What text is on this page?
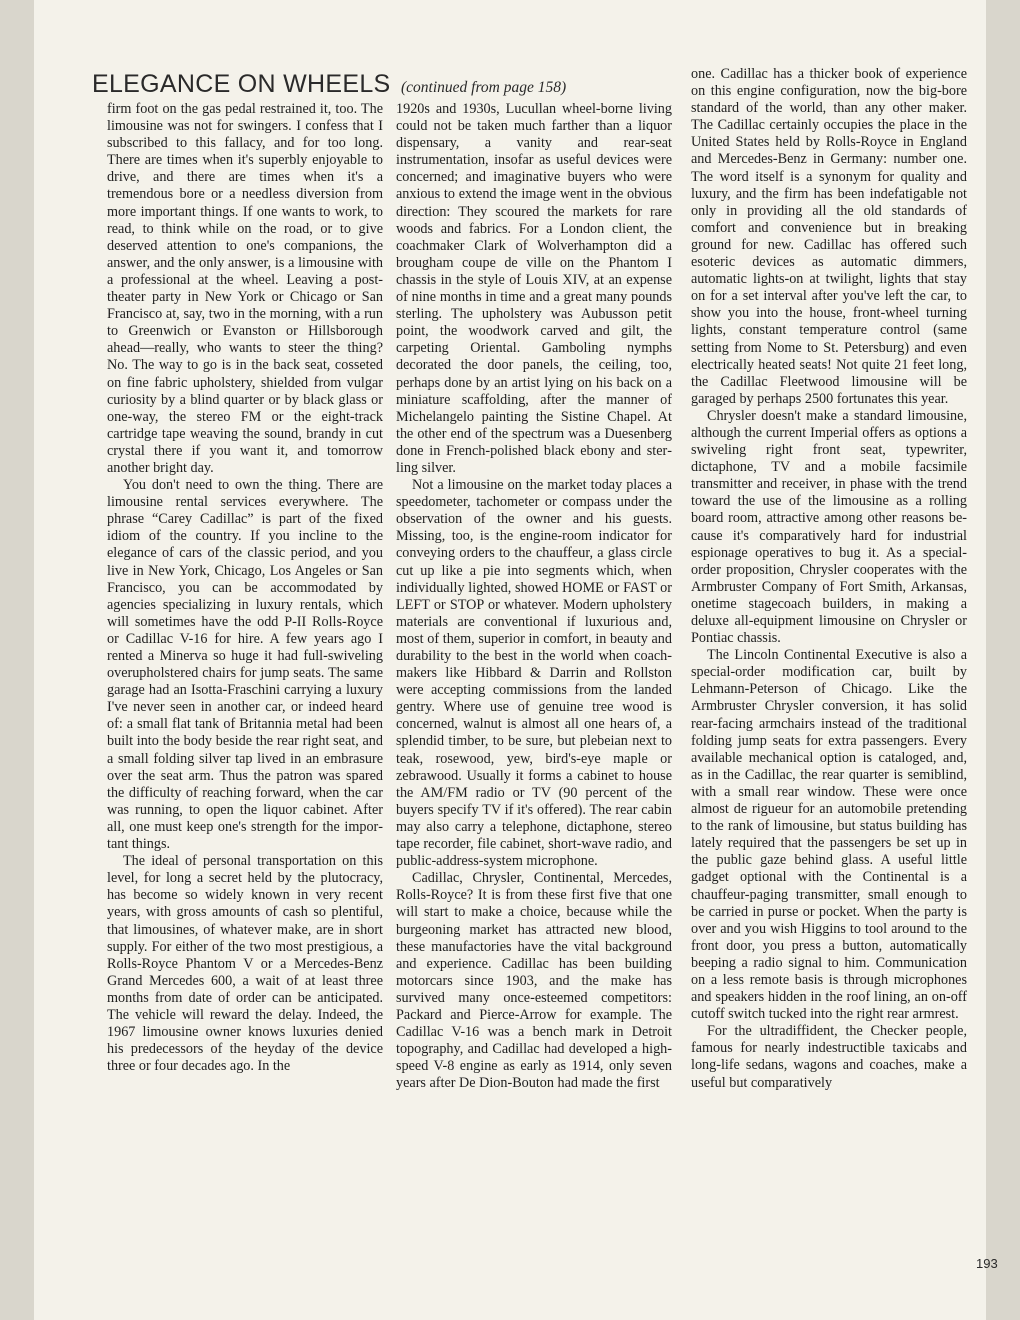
ELEGANCE ON WHEELS (continued from page 158)

firm foot on the gas pedal restrained it, too. The limousine was not for swingers. I confess that I subscribed to this fallacy, and for too long. There are times when it's superbly enjoyable to drive, and there are times when it's a tremendous bore or a needless diversion from more important things. If one wants to work, to read, to think while on the road, or to give deserved attention to one's companions, the answer, and the only answer, is a limousine with a professional at the wheel. Leaving a post-theater party in New York or Chicago or San Francisco at, say, two in the morning, with a run to Greenwich or Evanston or Hillsborough ahead—really, who wants to steer the thing? No. The way to go is in the back seat, cosseted on fine fabric upholstery, shielded from vulgar curiosity by a blind quarter or by black glass or one-way, the stereo FM or the eight-track cartridge tape weaving the sound, brandy in cut crystal there if you want it, and tomorrow another bright day.

You don't need to own the thing. There are limousine rental services everywhere. The phrase “Carey Cadillac” is part of the fixed idiom of the country. If you incline to the elegance of cars of the classic period, and you live in New York, Chicago, Los Angeles or San Francisco, you can be accommodated by agencies specializing in luxury rentals, which will sometimes have the odd P-II Rolls-Royce or Cadillac V-16 for hire. A few years ago I rented a Minerva so huge it had full-swiveling overupholstered chairs for jump seats. The same garage had an Isotta-Fraschini carrying a luxury I've never seen in another car, or indeed heard of: a small flat tank of Britannia metal had been built into the body beside the rear right seat, and a small folding silver tap lived in an embrasure over the seat arm. Thus the patron was spared the difficulty of reaching forward, when the car was running, to open the liquor cabinet. After all, one must keep one's strength for the important things.

The ideal of personal transportation on this level, for long a secret held by the plutocracy, has become so widely known in very recent years, with gross amounts of cash so plentiful, that limousines, of whatever make, are in short supply. For either of the two most prestigious, a Rolls-Royce Phantom V or a Mercedes-Benz Grand Mercedes 600, a wait of at least three months from date of order can be anticipated. The vehicle will reward the delay. Indeed, the 1967 limousine owner knows luxuries denied his predecessors of the heyday of the device three or four decades ago. In the

1920s and 1930s, Lucullan wheel-borne living could not be taken much farther than a liquor dispensary, a vanity and rear-seat instrumentation, insofar as useful devices were concerned; and imaginative buyers who were anxious to extend the image went in the obvious direction: They scoured the markets for rare woods and fabrics. For a London client, the coachmaker Clark of Wolverhampton did a brougham coupe de ville on the Phantom I chassis in the style of Louis XIV, at an expense of nine months in time and a great many pounds sterling. The upholstery was Aubusson petit point, the woodwork carved and gilt, the carpeting Oriental. Gamboling nymphs decorated the door panels, the ceiling, too, perhaps done by an artist lying on his back on a miniature scaffolding, after the manner of Michelangelo painting the Sistine Chapel. At the other end of the spectrum was a Duesenberg done in French-polished black ebony and sterling silver.

Not a limousine on the market today places a speedometer, tachometer or compass under the observation of the owner and his guests. Missing, too, is the engine-room indicator for conveying orders to the chauffeur, a glass circle cut up like a pie into segments which, when individually lighted, showed HOME or FAST or LEFT or STOP or whatever. Modern upholstery materials are conventional if luxurious and, most of them, superior in comfort, in beauty and durability to the best in the world when coachmakers like Hibbard & Darrin and Rollston were accepting commissions from the landed gentry. Where use of genuine tree wood is concerned, walnut is almost all one hears of, a splendid timber, to be sure, but plebeian next to teak, rosewood, yew, bird's-eye maple or zebrawood. Usually it forms a cabinet to house the AM/FM radio or TV (90 percent of the buyers specify TV if it's offered). The rear cabin may also carry a telephone, dictaphone, stereo tape recorder, file cabinet, short-wave radio, and public-address-system microphone.

Cadillac, Chrysler, Continental, Mercedes, Rolls-Royce? It is from these first five that one will start to make a choice, because while the burgeoning market has attracted new blood, these manufactories have the vital background and experience. Cadillac has been building motorcars since 1903, and the make has survived many once-esteemed competitors: Packard and Pierce-Arrow for example. The Cadillac V-16 was a bench mark in Detroit topography, and Cadillac had developed a high-speed V-8 engine as early as 1914, only seven years after De Dion-Bouton had made the first

one. Cadillac has a thicker book of experience on this engine configuration, now the big-bore standard of the world, than any other maker. The Cadillac certainly occupies the place in the United States held by Rolls-Royce in England and Mercedes-Benz in Germany: number one. The word itself is a synonym for quality and luxury, and the firm has been indefatigable not only in providing all the old standards of comfort and convenience but in breaking ground for new. Cadillac has offered such esoteric devices as automatic dimmers, automatic lights-on at twilight, lights that stay on for a set interval after you've left the car, to show you into the house, front-wheel turning lights, constant temperature control (same setting from Nome to St. Petersburg) and even electrically heated seats! Not quite 21 feet long, the Cadillac Fleetwood limousine will be garaged by perhaps 2500 fortunates this year.

Chrysler doesn't make a standard limousine, although the current Imperial offers as options a swiveling right front seat, typewriter, dictaphone, TV and a mobile facsimile transmitter and receiver, in phase with the trend toward the use of the limousine as a rolling board room, attractive among other reasons because it's comparatively hard for industrial espionage operatives to bug it. As a special-order proposition, Chrysler cooperates with the Armbruster Company of Fort Smith, Arkansas, onetime stagecoach builders, in making a deluxe all-equipment limousine on Chrysler or Pontiac chassis.

The Lincoln Continental Executive is also a special-order modification car, built by Lehmann-Peterson of Chicago. Like the Armbruster Chrysler conversion, it has solid rear-facing armchairs instead of the traditional folding jump seats for extra passengers. Every available mechanical option is cataloged, and, as in the Cadillac, the rear quarter is semiblind, with a small rear window. These were once almost de rigueur for an automobile pretending to the rank of limousine, but status building has lately required that the passengers be set up in the public gaze behind glass. A useful little gadget optional with the Continental is a chauffeur-paging transmitter, small enough to be carried in purse or pocket. When the party is over and you wish Higgins to tool around to the front door, you press a button, automatically beeping a radio signal to him. Communication on a less remote basis is through microphones and speakers hidden in the roof lining, an on-off cutoff switch tucked into the right rear armrest.

For the ultradiffident, the Checker people, famous for nearly indestructible taxicabs and long-life sedans, wagons and coaches, make a useful but comparatively

193
